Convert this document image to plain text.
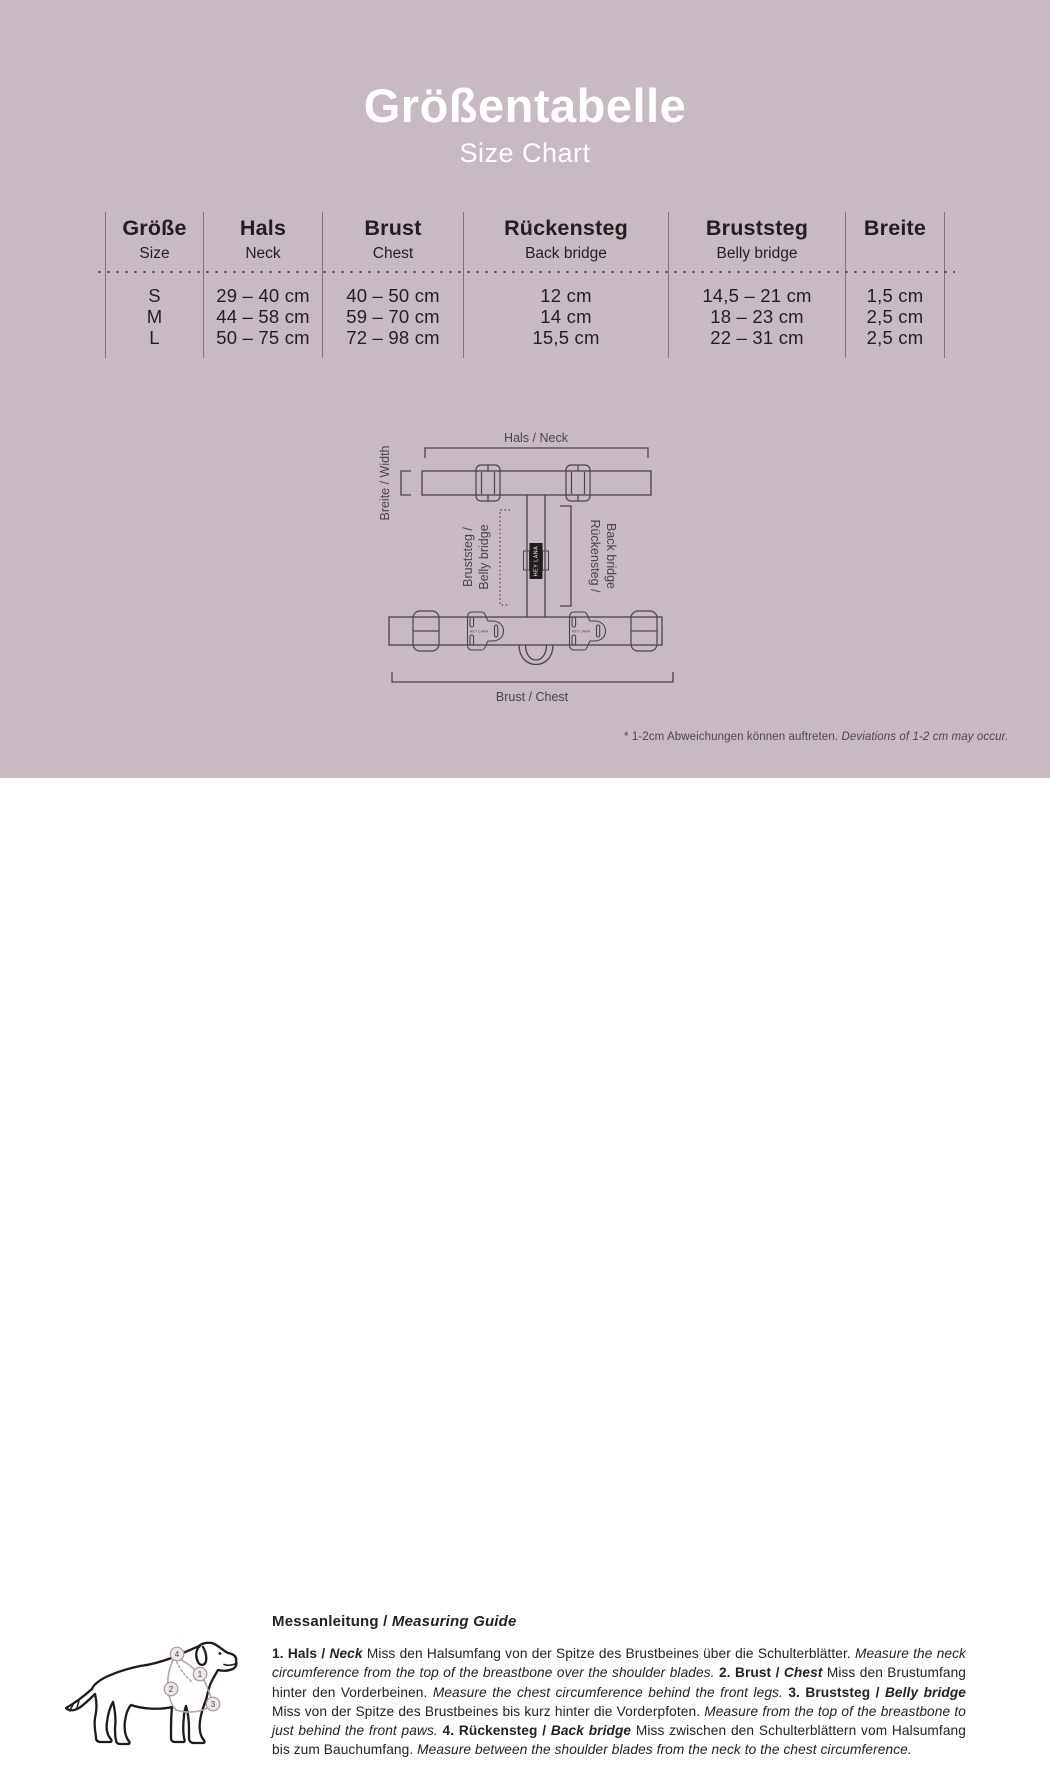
Größentabelle
Size Chart
Größe
Size
S
M
L
Hals
Neck
29 – 40 cm
44 – 58 cm
50 – 75 cm
Brust
Chest
40 – 50 cm
59 – 70 cm
72 – 98 cm
Rückensteg
Back bridge
12 cm
14 cm
15,5 cm
Bruststeg
Belly bridge
14,5 – 21 cm
18 – 23 cm
22 – 31 cm
Breite
1,5 cm
2,5 cm
2,5 cm
Hals / Neck
Breite / Width
HEY LANA
Bruststeg / Belly bridge	Rückensteg / Back bridge
HEY LANA	HEY LANA
Brust / Chest
* 1-2cm Abweichungen können auftreten. Deviations of 1-2 cm may occur.
4
1
2
3
Messanleitung / Measuring Guide
1. Hals / Neck Miss den Halsumfang von der Spitze des Brustbeines über die Schulterblätter. Measure the neck circumference from the top of the breastbone over the shoulder blades. 2. Brust / Chest Miss den Brustumfang hinter den Vorderbeinen. Measure the chest circumference behind the front legs. 3. Bruststeg / Belly bridge Miss von der Spitze des Brustbeines bis kurz hinter die Vorderpfoten. Measure from the top of the breastbone to just behind the front paws. 4. Rückensteg / Back bridge Miss zwischen den Schulterblättern vom Halsumfang bis zum Bauchumfang. Measure between the shoulder blades from the neck to the chest circumference.
